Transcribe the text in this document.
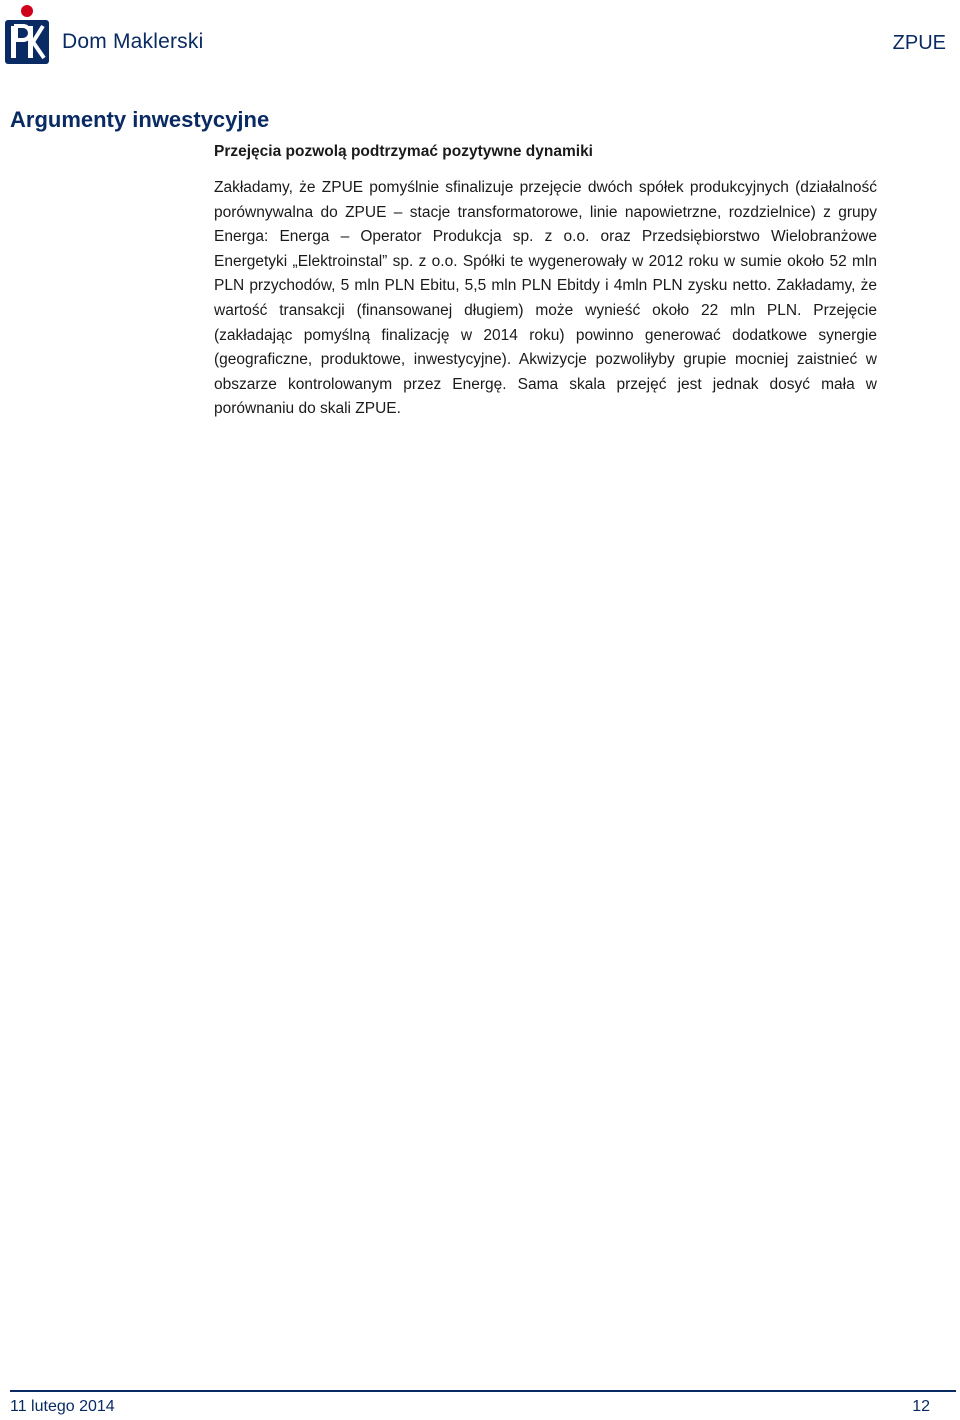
Dom Maklerski	ZPUE
Argumenty inwestycyjne
Przejęcia pozwolą podtrzymać pozytywne dynamiki

Zakładamy, że ZPUE pomyślnie sfinalizuje przejęcie dwóch spółek produkcyjnych (działalność porównywalna do ZPUE – stacje transformatorowe, linie napowietrzne, rozdzielnice) z grupy Energa: Energa – Operator Produkcja sp. z o.o. oraz Przedsiębiorstwo Wielobranżowe Energetyki „Elektroinstal” sp. z o.o. Spółki te wygenerowały w 2012 roku w sumie około 52 mln PLN przychodów, 5 mln PLN Ebitu, 5,5 mln PLN Ebitdy i 4mln PLN zysku netto. Zakładamy, że wartość transakcji (finansowanej długiem) może wynieść około 22 mln PLN. Przejęcie (zakładając pomyślną finalizację w 2014 roku) powinno generować dodatkowe synergie (geograficzne, produktowe, inwestycyjne). Akwizycje pozwoliłyby grupie mocniej zaistnieć w obszarze kontrolowanym przez Energę. Sama skala przejęć jest jednak dosyć mała w porównaniu do skali ZPUE.

11 lutego 2014	12
